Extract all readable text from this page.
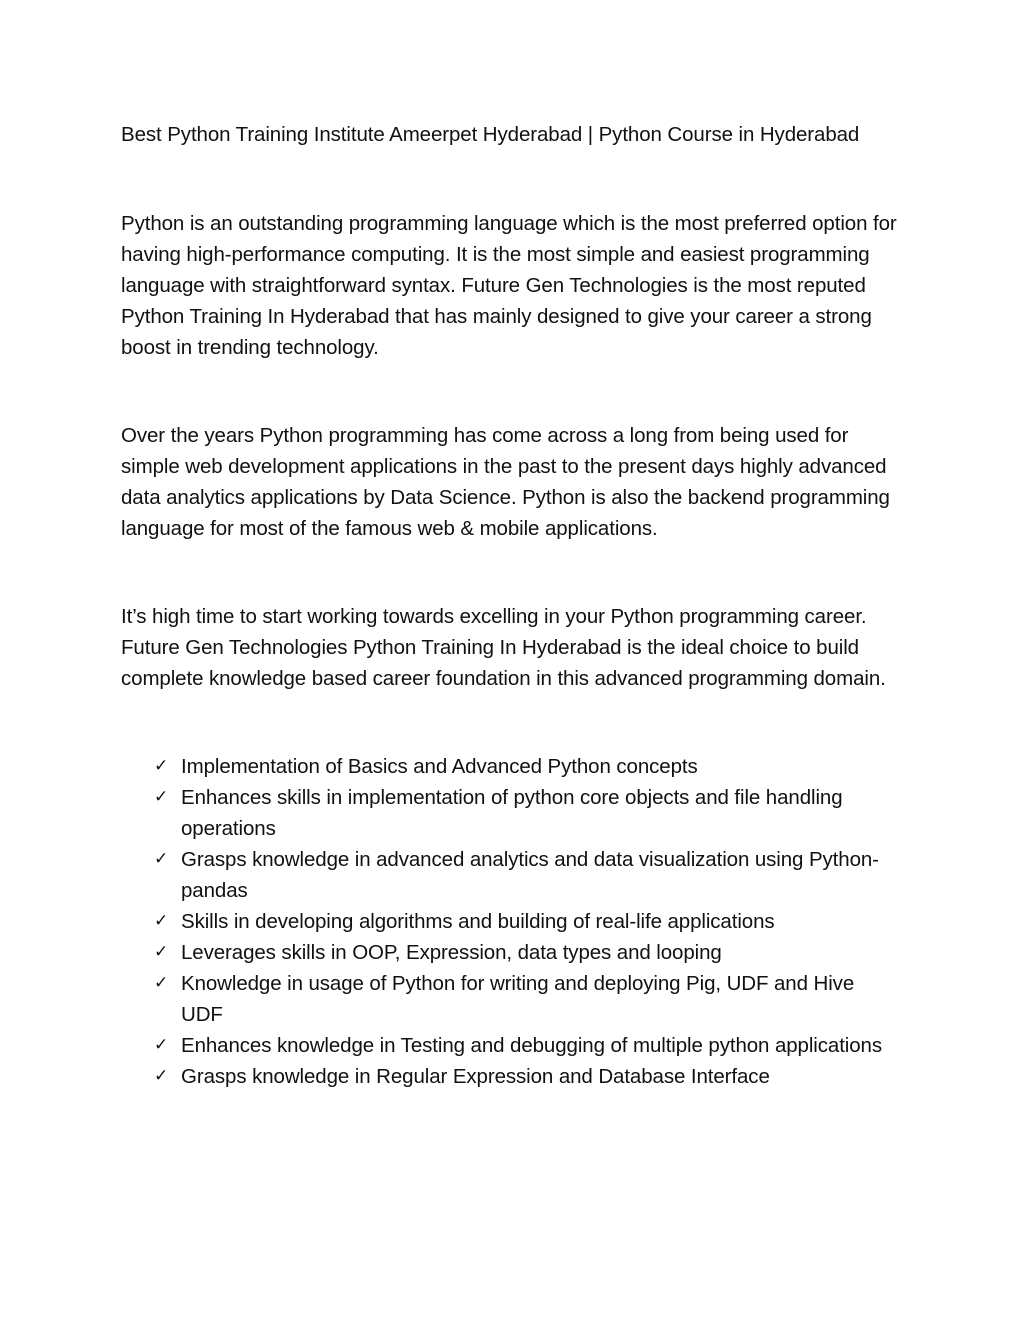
Best Python Training Institute Ameerpet Hyderabad | Python Course in Hyderabad

Python is an outstanding programming language which is the most preferred option for having high-performance computing. It is the most simple and easiest programming language with straightforward syntax. Future Gen Technologies is the most reputed Python Training In Hyderabad that has mainly designed to give your career a strong boost in trending technology.

Over the years Python programming has come across a long from being used for simple web development applications in the past to the present days highly advanced data analytics applications by Data Science. Python is also the backend programming language for most of the famous web & mobile applications.

It’s high time to start working towards excelling in your Python programming career. Future Gen Technologies Python Training In Hyderabad is the ideal choice to build complete knowledge based career foundation in this advanced programming domain.

✓ Implementation of Basics and Advanced Python concepts
✓ Enhances skills in implementation of python core objects and file handling operations
✓ Grasps knowledge in advanced analytics and data visualization using Python-pandas
✓ Skills in developing algorithms and building of real-life applications
✓ Leverages skills in OOP, Expression, data types and looping
✓ Knowledge in usage of Python for writing and deploying Pig, UDF and Hive UDF
✓ Enhances knowledge in Testing and debugging of multiple python applications
✓ Grasps knowledge in Regular Expression and Database Interface
